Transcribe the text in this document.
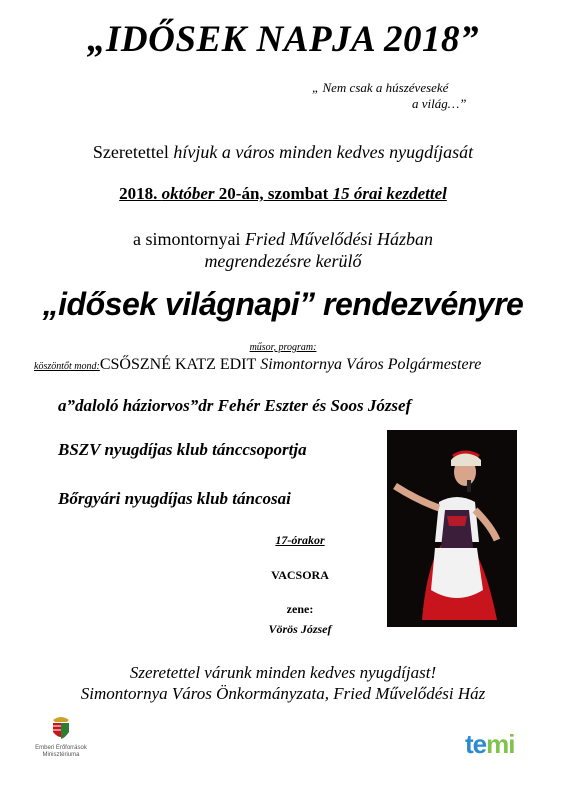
„IDŐSEK NAPJA 2018”
„ Nem csak a húszéveseké
a világ…”
Szeretettel hívjuk a város minden kedves nyugdíjasát
2018. október 20-án, szombat 15 órai kezdettel
a simontornyai Fried Művelődési Házban
megrendezésre kerülő
„idősek világnapi” rendezvényre
műsor, program:
köszöntőt mond:CSŐSZNÉ KATZ EDIT Simontornya Város Polgármestere
a”daloló háziorvos”dr Fehér Eszter és Soos József
BSZV nyugdíjas klub tánccsoportja
Bőrgyári nyugdíjas klub táncosai
17-órakor
VACSORA
zene:
Vörös József
Szeretettel várunk minden kedves nyugdíjast!
Simontornya Város Önkormányzata, Fried Művelődési Ház
Emberi Erőforrások Minisztériuma	temi
